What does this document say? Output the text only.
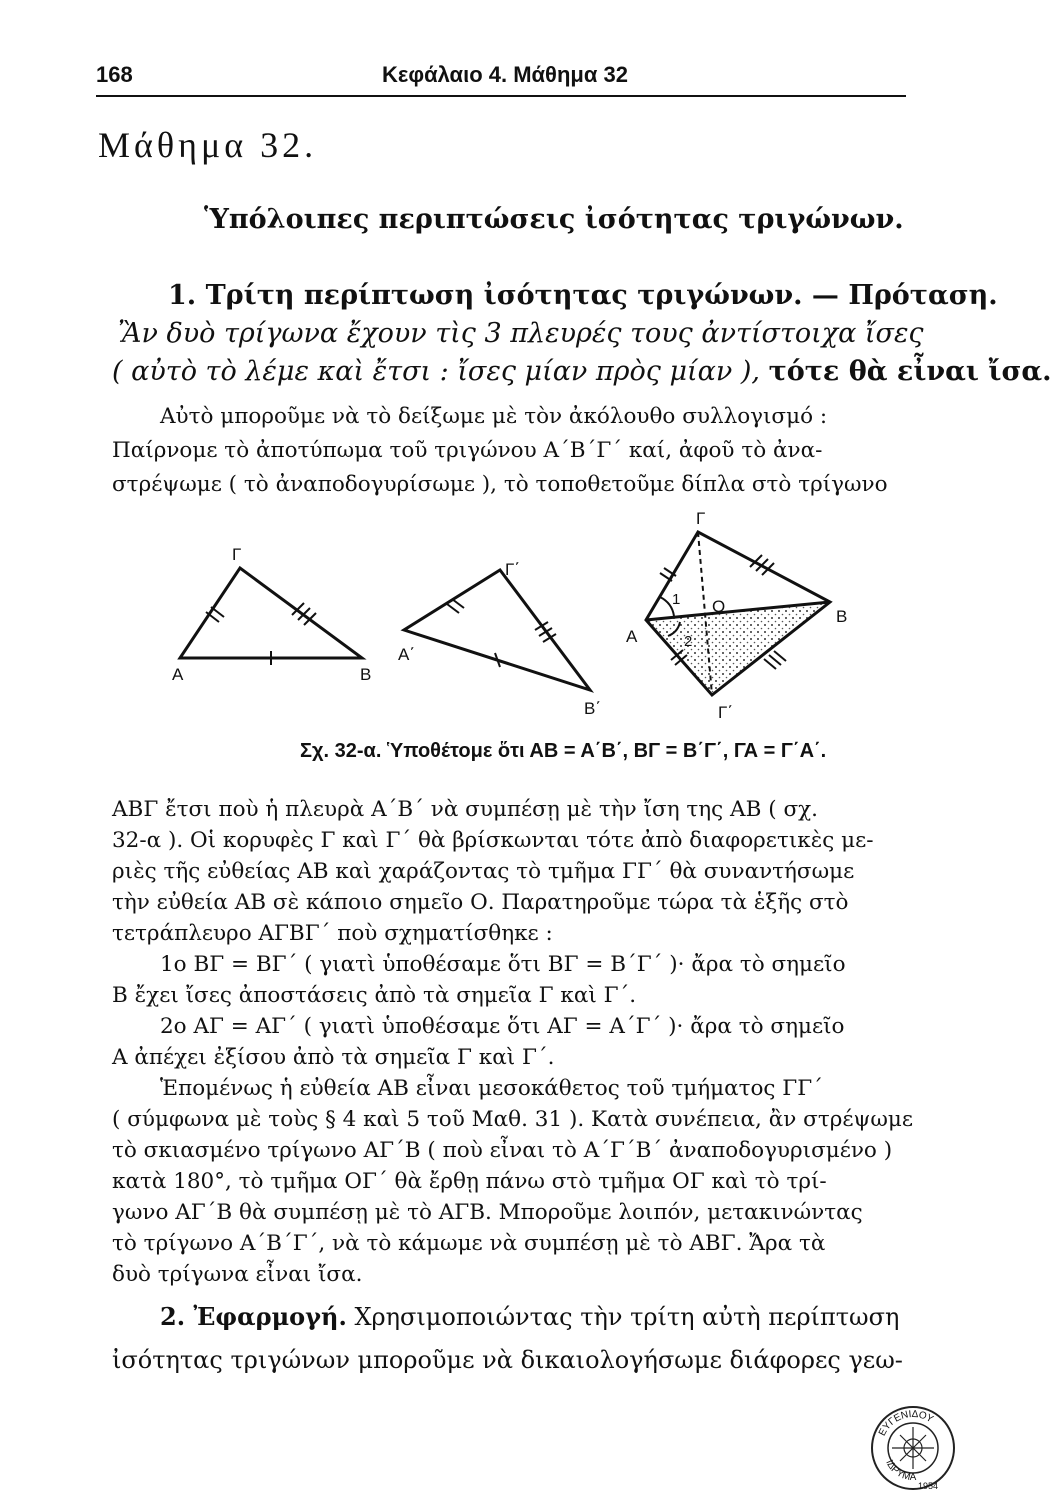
168	Κεφάλαιο 4. Μάθημα 32
Μάθημα 32.
Ὑπόλοιπες περιπτώσεις ἰσότητας τριγώνων.
1. Τρίτη περίπτωση ἰσότητας τριγώνων. — Πρόταση.
Ἂν δυὸ τρίγωνα ἔχουν τὶς 3 πλευρές τους ἀντίστοιχα ἴσες
( αὐτὸ τὸ λέμε καὶ ἔτσι : ἴσες μίαν πρὸς μίαν ), τότε θὰ εἶναι ἴσα.
Αὐτὸ μποροῦμε νὰ τὸ δείξωμε μὲ τὸν ἀκόλουθο συλλογισμό :
Παίρνομε τὸ ἀποτύπωμα τοῦ τριγώνου Α΄Β΄Γ΄ καί, ἀφοῦ τὸ ἀνα-
στρέψωμε ( τὸ ἀναποδογυρίσωμε ), τὸ τοποθετοῦμε δίπλα στὸ τρίγωνο
Α	Β
Γ
Α΄
Β΄
Γ΄
Γ
Α
Β
Γ΄
Ο
1
2
Σχ. 32-α. Ὑποθέτομε ὅτι ΑΒ = Α΄Β΄, ΒΓ = Β΄Γ΄, ΓΑ = Γ΄Α΄.
ΑΒΓ ἔτσι ποὺ ἡ πλευρὰ Α΄Β΄ νὰ συμπέσῃ μὲ τὴν ἴση της ΑΒ ( σχ.
32-α ). Οἱ κορυφὲς Γ καὶ Γ΄ θὰ βρίσκωνται τότε ἀπὸ διαφορετικὲς με-
ριὲς τῆς εὐθείας ΑΒ καὶ χαράζοντας τὸ τμῆμα ΓΓ΄ θὰ συναντήσωμε
τὴν εὐθεία ΑΒ σὲ κάποιο σημεῖο Ο. Παρατηροῦμε τώρα τὰ ἑξῆς στὸ
τετράπλευρο ΑΓΒΓ΄ ποὺ σχηματίσθηκε :
1ο ΒΓ = ΒΓ΄ ( γιατὶ ὑποθέσαμε ὅτι ΒΓ = Β΄Γ΄ )· ἄρα τὸ σημεῖο
Β ἔχει ἴσες ἀποστάσεις ἀπὸ τὰ σημεῖα Γ καὶ Γ΄.
2ο ΑΓ = ΑΓ΄ ( γιατὶ ὑποθέσαμε ὅτι ΑΓ = Α΄Γ΄ )· ἄρα τὸ σημεῖο
Α ἀπέχει ἐξίσου ἀπὸ τὰ σημεῖα Γ καὶ Γ΄.
Ἑπομένως ἡ εὐθεία ΑΒ εἶναι μεσοκάθετος τοῦ τμήματος ΓΓ΄
( σύμφωνα μὲ τοὺς § 4 καὶ 5 τοῦ Μαθ. 31 ). Κατὰ συνέπεια, ἂν στρέψωμε
τὸ σκιασμένο τρίγωνο ΑΓ΄Β ( ποὺ εἶναι τὸ Α΄Γ΄Β΄ ἀναποδογυρισμένο )
κατὰ 180°, τὸ τμῆμα ΟΓ΄ θὰ ἔρθῃ πάνω στὸ τμῆμα ΟΓ καὶ τὸ τρί-
γωνο ΑΓ΄Β θὰ συμπέσῃ μὲ τὸ ΑΓΒ. Μποροῦμε λοιπόν, μετακινώντας
τὸ τρίγωνο Α΄Β΄Γ΄, νὰ τὸ κάμωμε νὰ συμπέσῃ μὲ τὸ ΑΒΓ. Ἄρα τὰ
δυὸ τρίγωνα εἶναι ἴσα.
2. Ἐφαρμογή. Χρησιμοποιώντας τὴν τρίτη αὐτὴ περίπτωση
ἰσότητας τριγώνων μποροῦμε νὰ δικαιολογήσωμε διάφορες γεω-
ΕΥΓΕΝΙΔΟΥ
ΙΔΡΥΜΑ
1954
